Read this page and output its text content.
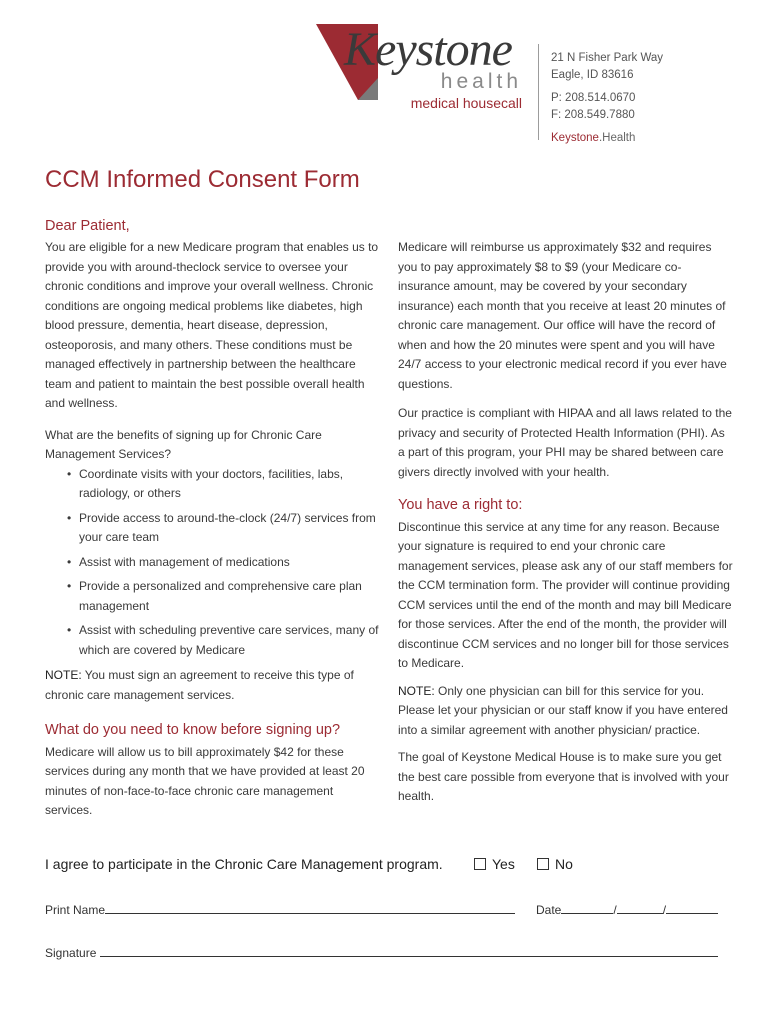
Keystone
health
medical housecall
21 N Fisher Park Way
Eagle, ID 83616
P: 208.514.0670
F: 208.549.7880
Keystone.Health
CCM Informed Consent Form
Dear Patient,

You are eligible for a new Medicare program that enables us to provide you with around-theclock service to oversee your chronic conditions and improve your overall wellness. Chronic conditions are ongoing medical problems like diabetes, high blood pressure, dementia, heart disease, depression, osteoporosis, and many others. These conditions must be managed effectively in partnership between the healthcare team and patient to maintain the best possible overall health and wellness.

What are the benefits of signing up for Chronic Care Management Services?

• Coordinate visits with your doctors, facilities, labs, radiology, or others
• Provide access to around-the-clock (24/7) services from your care team
• Assist with management of medications
• Provide a personalized and comprehensive care plan management
• Assist with scheduling preventive care services, many of which are covered by Medicare

NOTE: You must sign an agreement to receive this type of chronic care management services.

What do you need to know before signing up?

Medicare will allow us to bill approximately $42 for these services during any month that we have provided at least 20 minutes of non-face-to-face chronic care management services.

Medicare will reimburse us approximately $32 and requires you to pay approximately $8 to $9 (your Medicare co-insurance amount, may be covered by your secondary insurance) each month that you receive at least 20 minutes of chronic care management. Our office will have the record of when and how the 20 minutes were spent and you will have 24/7 access to your electronic medical record if you ever have questions.

Our practice is compliant with HIPAA and all laws related to the privacy and security of Protected Health Information (PHI). As a part of this program, your PHI may be shared between care givers directly involved with your health.

You have a right to:

Discontinue this service at any time for any reason. Because your signature is required to end your chronic care management services, please ask any of our staff members for the CCM termination form. The provider will continue providing CCM services until the end of the month and may bill Medicare for those services. After the end of the month, the provider will discontinue CCM services and no longer bill for those services to Medicare.

NOTE: Only one physician can bill for this service for you. Please let your physician or our staff know if you have entered into a similar agreement with another physician/ practice.

The goal of Keystone Medical House is to make sure you get the best care possible from everyone that is involved with your health.

I agree to participate in the Chronic Care Management program.	Yes	No
Print Name	Date	/	/
Signature
